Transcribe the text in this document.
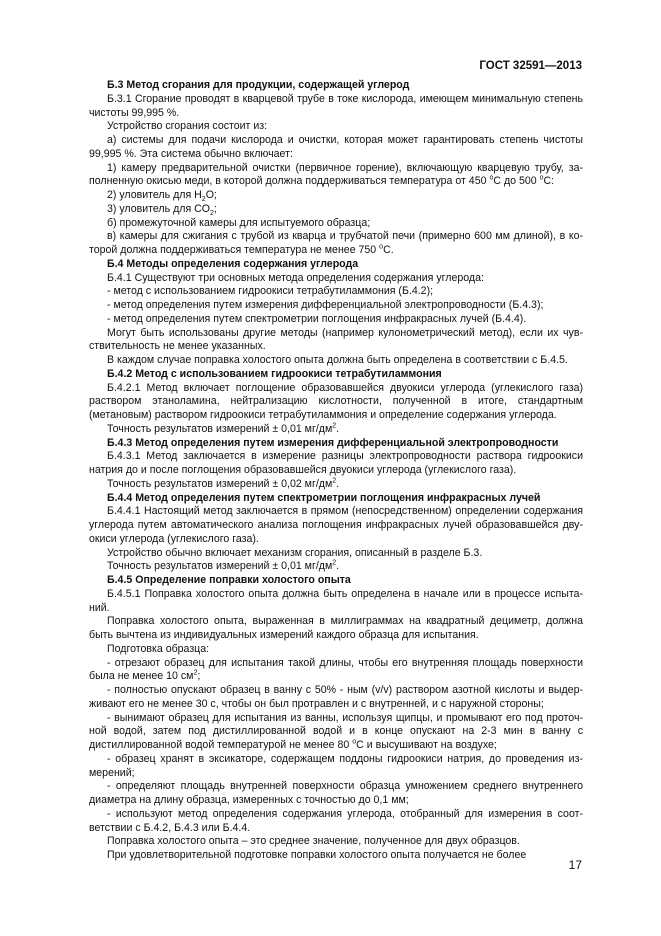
ГОСТ 32591—2013

Б.3 Метод сгорания для продукции, содержащей углерод

Б.3.1 Сгорание проводят в кварцевой трубе в токе кислорода, имеющем минимальную степень чистоты 99,995 %.

Устройство сгорания состоит из:

а) системы для подачи кислорода и очистки, которая может гарантировать степень чистоты 99,995 %. Эта система обычно включает:

1) камеру предварительной очистки (первичное горение), включающую кварцевую трубу, заполненную окисью меди, в которой должна поддерживаться температура от 450 $^o$С до 500 $^o$С:

2) уловитель для $H_2O$;

3) уловитель для $CO_2$;

б) промежуточной камеры для испытуемого образца;

в) камеры для сжигания с трубой из кварца и трубчатой печи (примерно 600 мм длиной), в которой должна поддерживаться температура не менее 750 $^o$С.

Б.4 Методы определения содержания углерода

Б.4.1 Существуют три основных метода определения содержания углерода:

- метод с использованием гидроокиси тетрабутиламмония (Б.4.2);

- метод определения путем измерения дифференциальной электропроводности (Б.4.3);

- метод определения путем спектрометрии поглощения инфракрасных лучей (Б.4.4).

Могут быть использованы другие методы (например кулонометрический метод), если их чувствительность не менее указанных.

В каждом случае поправка холостого опыта должна быть определена в соответствии с Б.4.5.

Б.4.2 Метод с использованием гидроокиси тетрабутиламмония

Б.4.2.1 Метод включает поглощение образовавшейся двуокиси углерода (углекислого газа) раствором этаноламина, нейтрализацию кислотности, полученной в итоге, стандартным (метановым) раствором гидроокиси тетрабутиламмония и определение содержания углерода.

Точность результатов измерений ± 0,01 $мг/дм^2$.

Б.4.3 Метод определения путем измерения дифференциальной электропроводности

Б.4.3.1 Метод заключается в измерение разницы электропроводности раствора гидроокиси натрия до и после поглощения образовавшейся двуокиси углерода (углекислого газа).

Точность результатов измерений ± 0,02 $мг/дм^2$.

Б.4.4 Метод определения путем спектрометрии поглощения инфракрасных лучей

Б.4.4.1 Настоящий метод заключается в прямом (непосредственном) определении содержания углерода путем автоматического анализа поглощения инфракрасных лучей образовавшейся двуокиси углерода (углекислого газа).

Устройство обычно включает механизм сгорания, описанный в разделе Б.3.

Точность результатов измерений ± 0,01 $мг/дм^2$.

Б.4.5 Определение поправки холостого опыта

Б.4.5.1 Поправка холостого опыта должна быть определена в начале или в процессе испытаний.

Поправка холостого опыта, выраженная в миллиграммах на квадратный дециметр, должна быть вычтена из индивидуальных измерений каждого образца для испытания.

Подготовка образца:

- отрезают образец для испытания такой длины, чтобы его внутренняя площадь поверхности была не менее 10 $см^2$;

- полностью опускают образец в ванну с 50% - ным (v/v) раствором азотной кислоты и выдерживают его не менее 30 с, чтобы он был протравлен и с внутренней, и с наружной стороны;

- вынимают образец для испытания из ванны, используя щипцы, и промывают его под проточной водой, затем под дистиллированной водой и в конце опускают на 2-3 мин в ванну с дистиллированной водой температурой не менее 80 $^o$С и высушивают на воздухе;

- образец хранят в эксикаторе, содержащем поддоны гидроокиси натрия, до проведения измерений;

- определяют площадь внутренней поверхности образца умножением среднего внутреннего диаметра на длину образца, измеренных с точностью до 0,1 мм;

- используют метод определения содержания углерода, отобранный для измерения в соответствии с Б.4.2, Б.4.3 или Б.4.4.

Поправка холостого опыта – это среднее значение, полученное для двух образцов.

При удовлетворительной подготовке поправки холостого опыта получается не более

17
